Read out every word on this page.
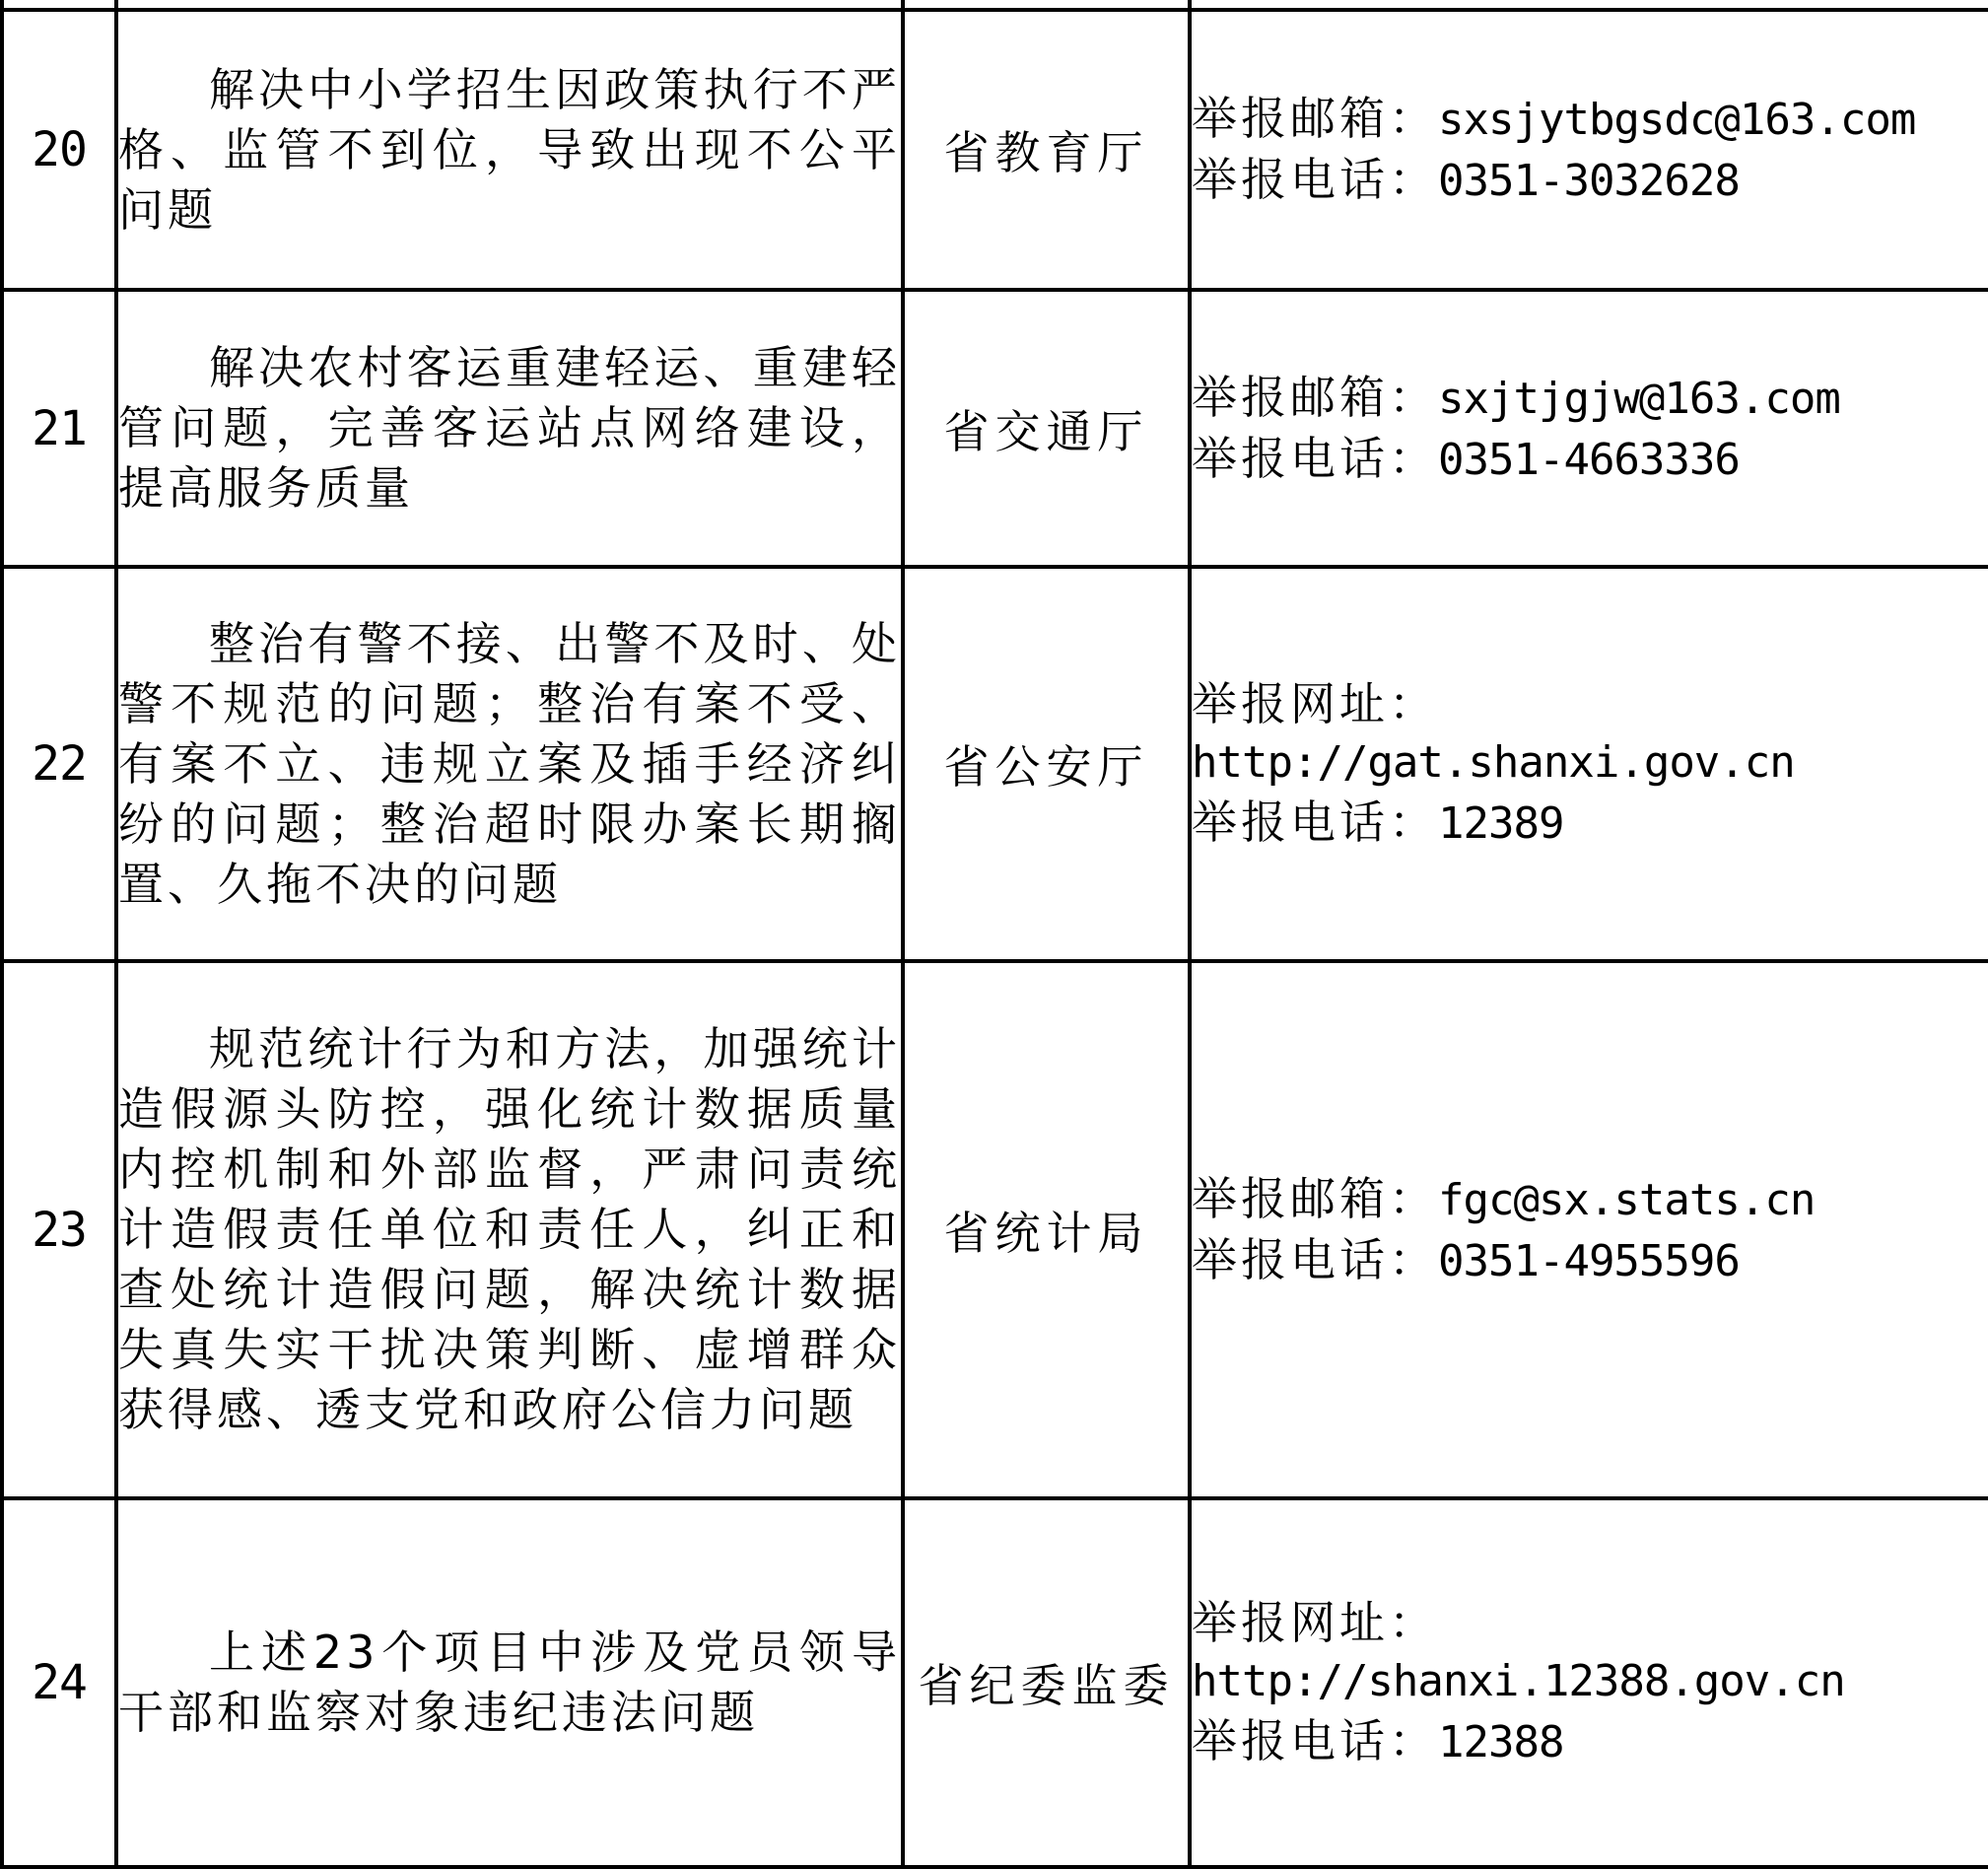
20	解决中小学招生因政策执行不严格、监管不到位，导致出现不公平问题	省教育厅	举报邮箱：sxsjytbgsdc@163.com
举报电话：0351-3032628

21	解决农村客运重建轻运、重建轻管问题，完善客运站点网络建设，提高服务质量	省交通厅	举报邮箱：sxjtjgjw@163.com
举报电话：0351-4663336

22	整治有警不接、出警不及时、处警不规范的问题；整治有案不受、有案不立、违规立案及插手经济纠纷的问题；整治超时限办案长期搁置、久拖不决的问题	省公安厅	举报网址：
http://gat.shanxi.gov.cn
举报电话：12389

23	规范统计行为和方法，加强统计造假源头防控，强化统计数据质量内控机制和外部监督，严肃问责统计造假责任单位和责任人，纠正和查处统计造假问题，解决统计数据失真失实干扰决策判断、虚增群众获得感、透支党和政府公信力问题	省统计局	举报邮箱：fgc@sx.stats.cn
举报电话：0351-4955596

24	上述23个项目中涉及党员领导干部和监察对象违纪违法问题	省纪委监委	举报网址：
http://shanxi.12388.gov.cn
举报电话：12388
